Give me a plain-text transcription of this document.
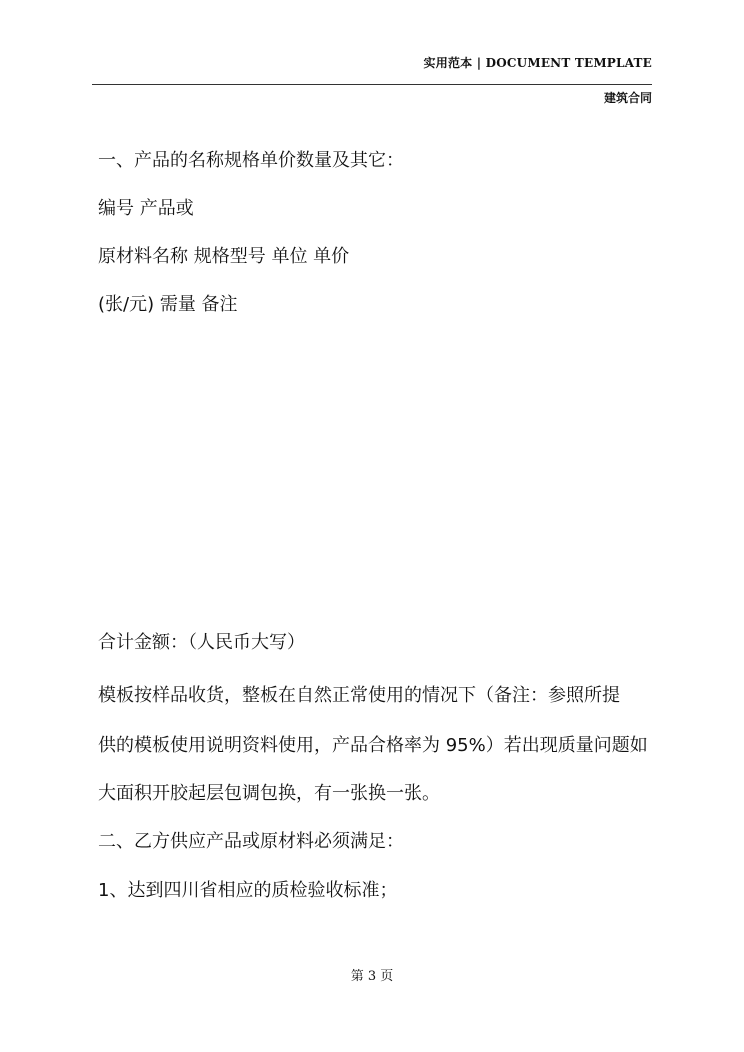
实用范本 | DOCUMENT TEMPLATE
建筑合同
一、产品的名称规格单价数量及其它：
编号 产品或
原材料名称 规格型号 单位 单价
(张/元) 需量 备注
合计金额：（人民币大写）
模板按样品收货，整板在自然正常使用的情况下（备注：参照所提
供的模板使用说明资料使用，产品合格率为 95%）若出现质量问题如
大面积开胶起层包调包换，有一张换一张。
二、乙方供应产品或原材料必须满足：
1、达到四川省相应的质检验收标准；
第 3 页
